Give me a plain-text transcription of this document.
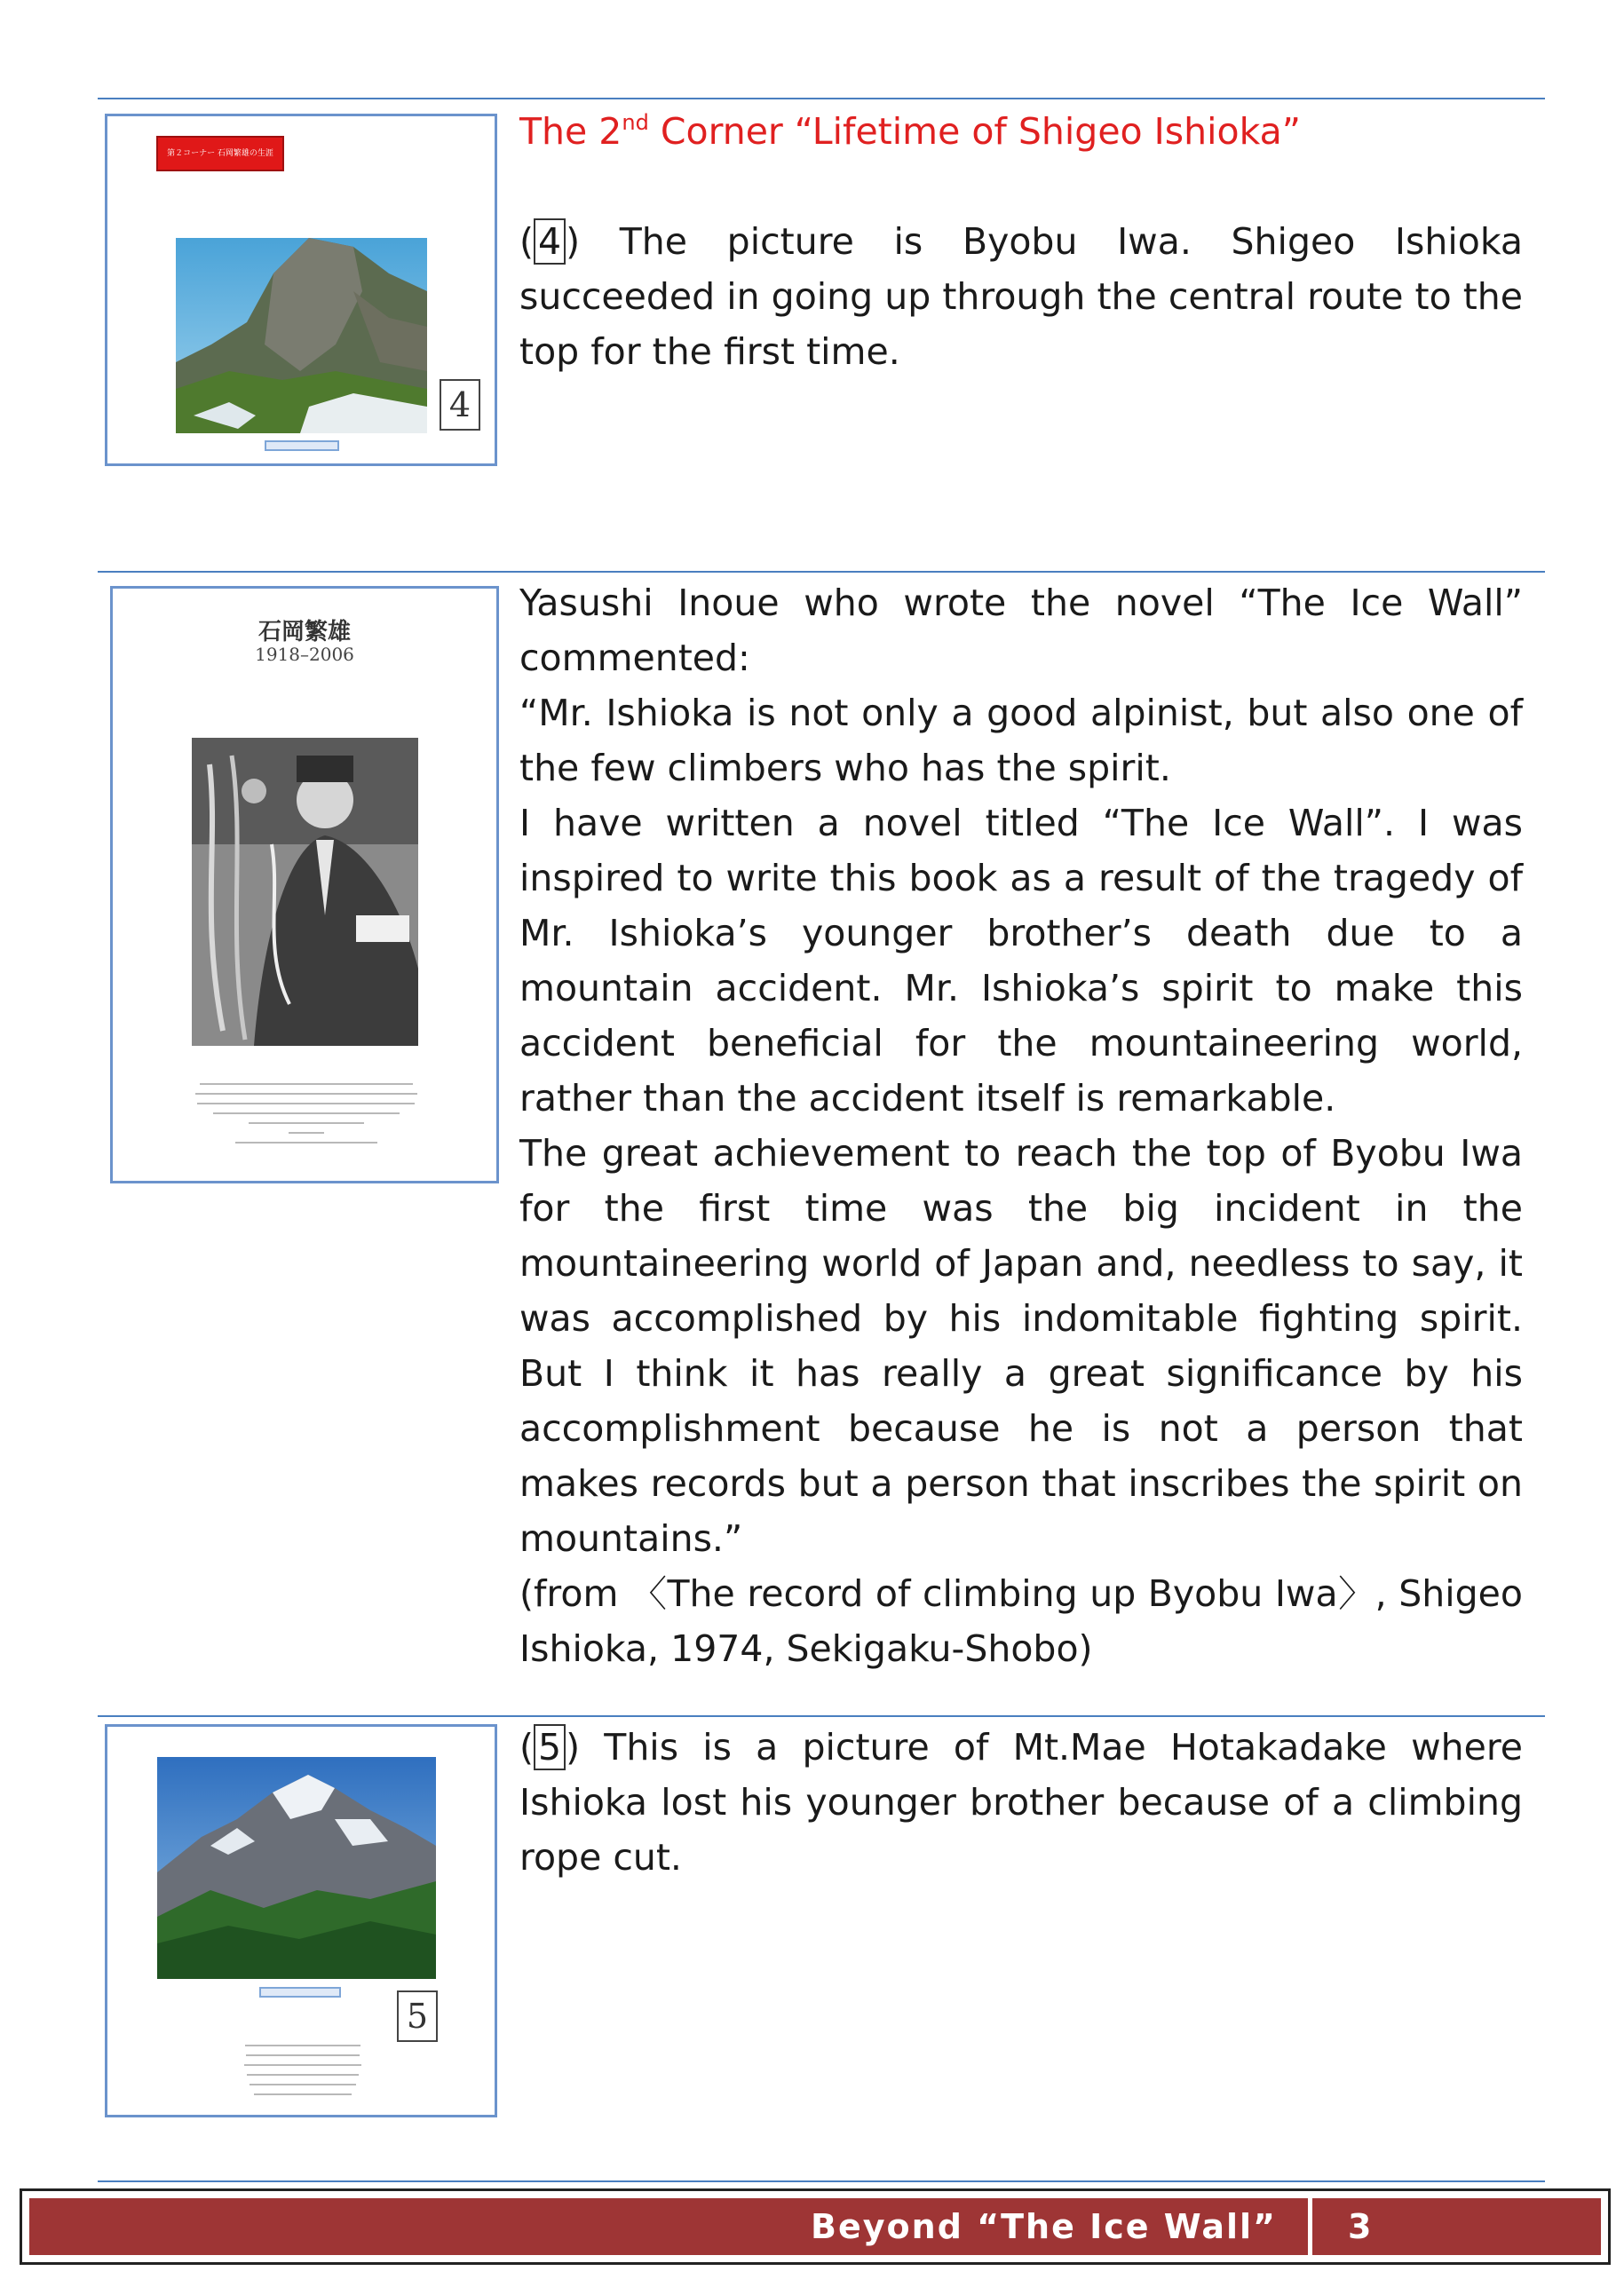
第２コーナー 石岡繁雄の生涯
4

The 2nd Corner “Lifetime of Shigeo Ishioka”

( 4 ) The picture is Byobu Iwa. Shigeo Ishioka succeeded in going up through the central route to the top for the first time.

石岡繁雄
1918–2006

Yasushi Inoue who wrote the novel “The Ice Wall” commented:

“Mr. Ishioka is not only a good alpinist, but also one of the few climbers who has the spirit.

I have written a novel titled “The Ice Wall”. I was inspired to write this book as a result of the tragedy of Mr. Ishioka’s younger brother’s death due to a mountain accident. Mr. Ishioka’s spirit to make this accident beneficial for the mountaineering world, rather than the accident itself is remarkable.

The great achievement to reach the top of Byobu Iwa for the first time was the big incident in the mountaineering world of Japan and, needless to say, it was accomplished by his indomitable fighting spirit. But I think it has really a great significance by his accomplishment because he is not a person that makes records but a person that inscribes the spirit on mountains.”

(from 〈The record of climbing up Byobu Iwa〉, Shigeo Ishioka, 1974, Sekigaku-Shobo)

5

( 5 ) This is a picture of Mt.Mae Hotakadake where Ishioka lost his younger brother because of a climbing rope cut.

Beyond “The Ice Wall”	3
